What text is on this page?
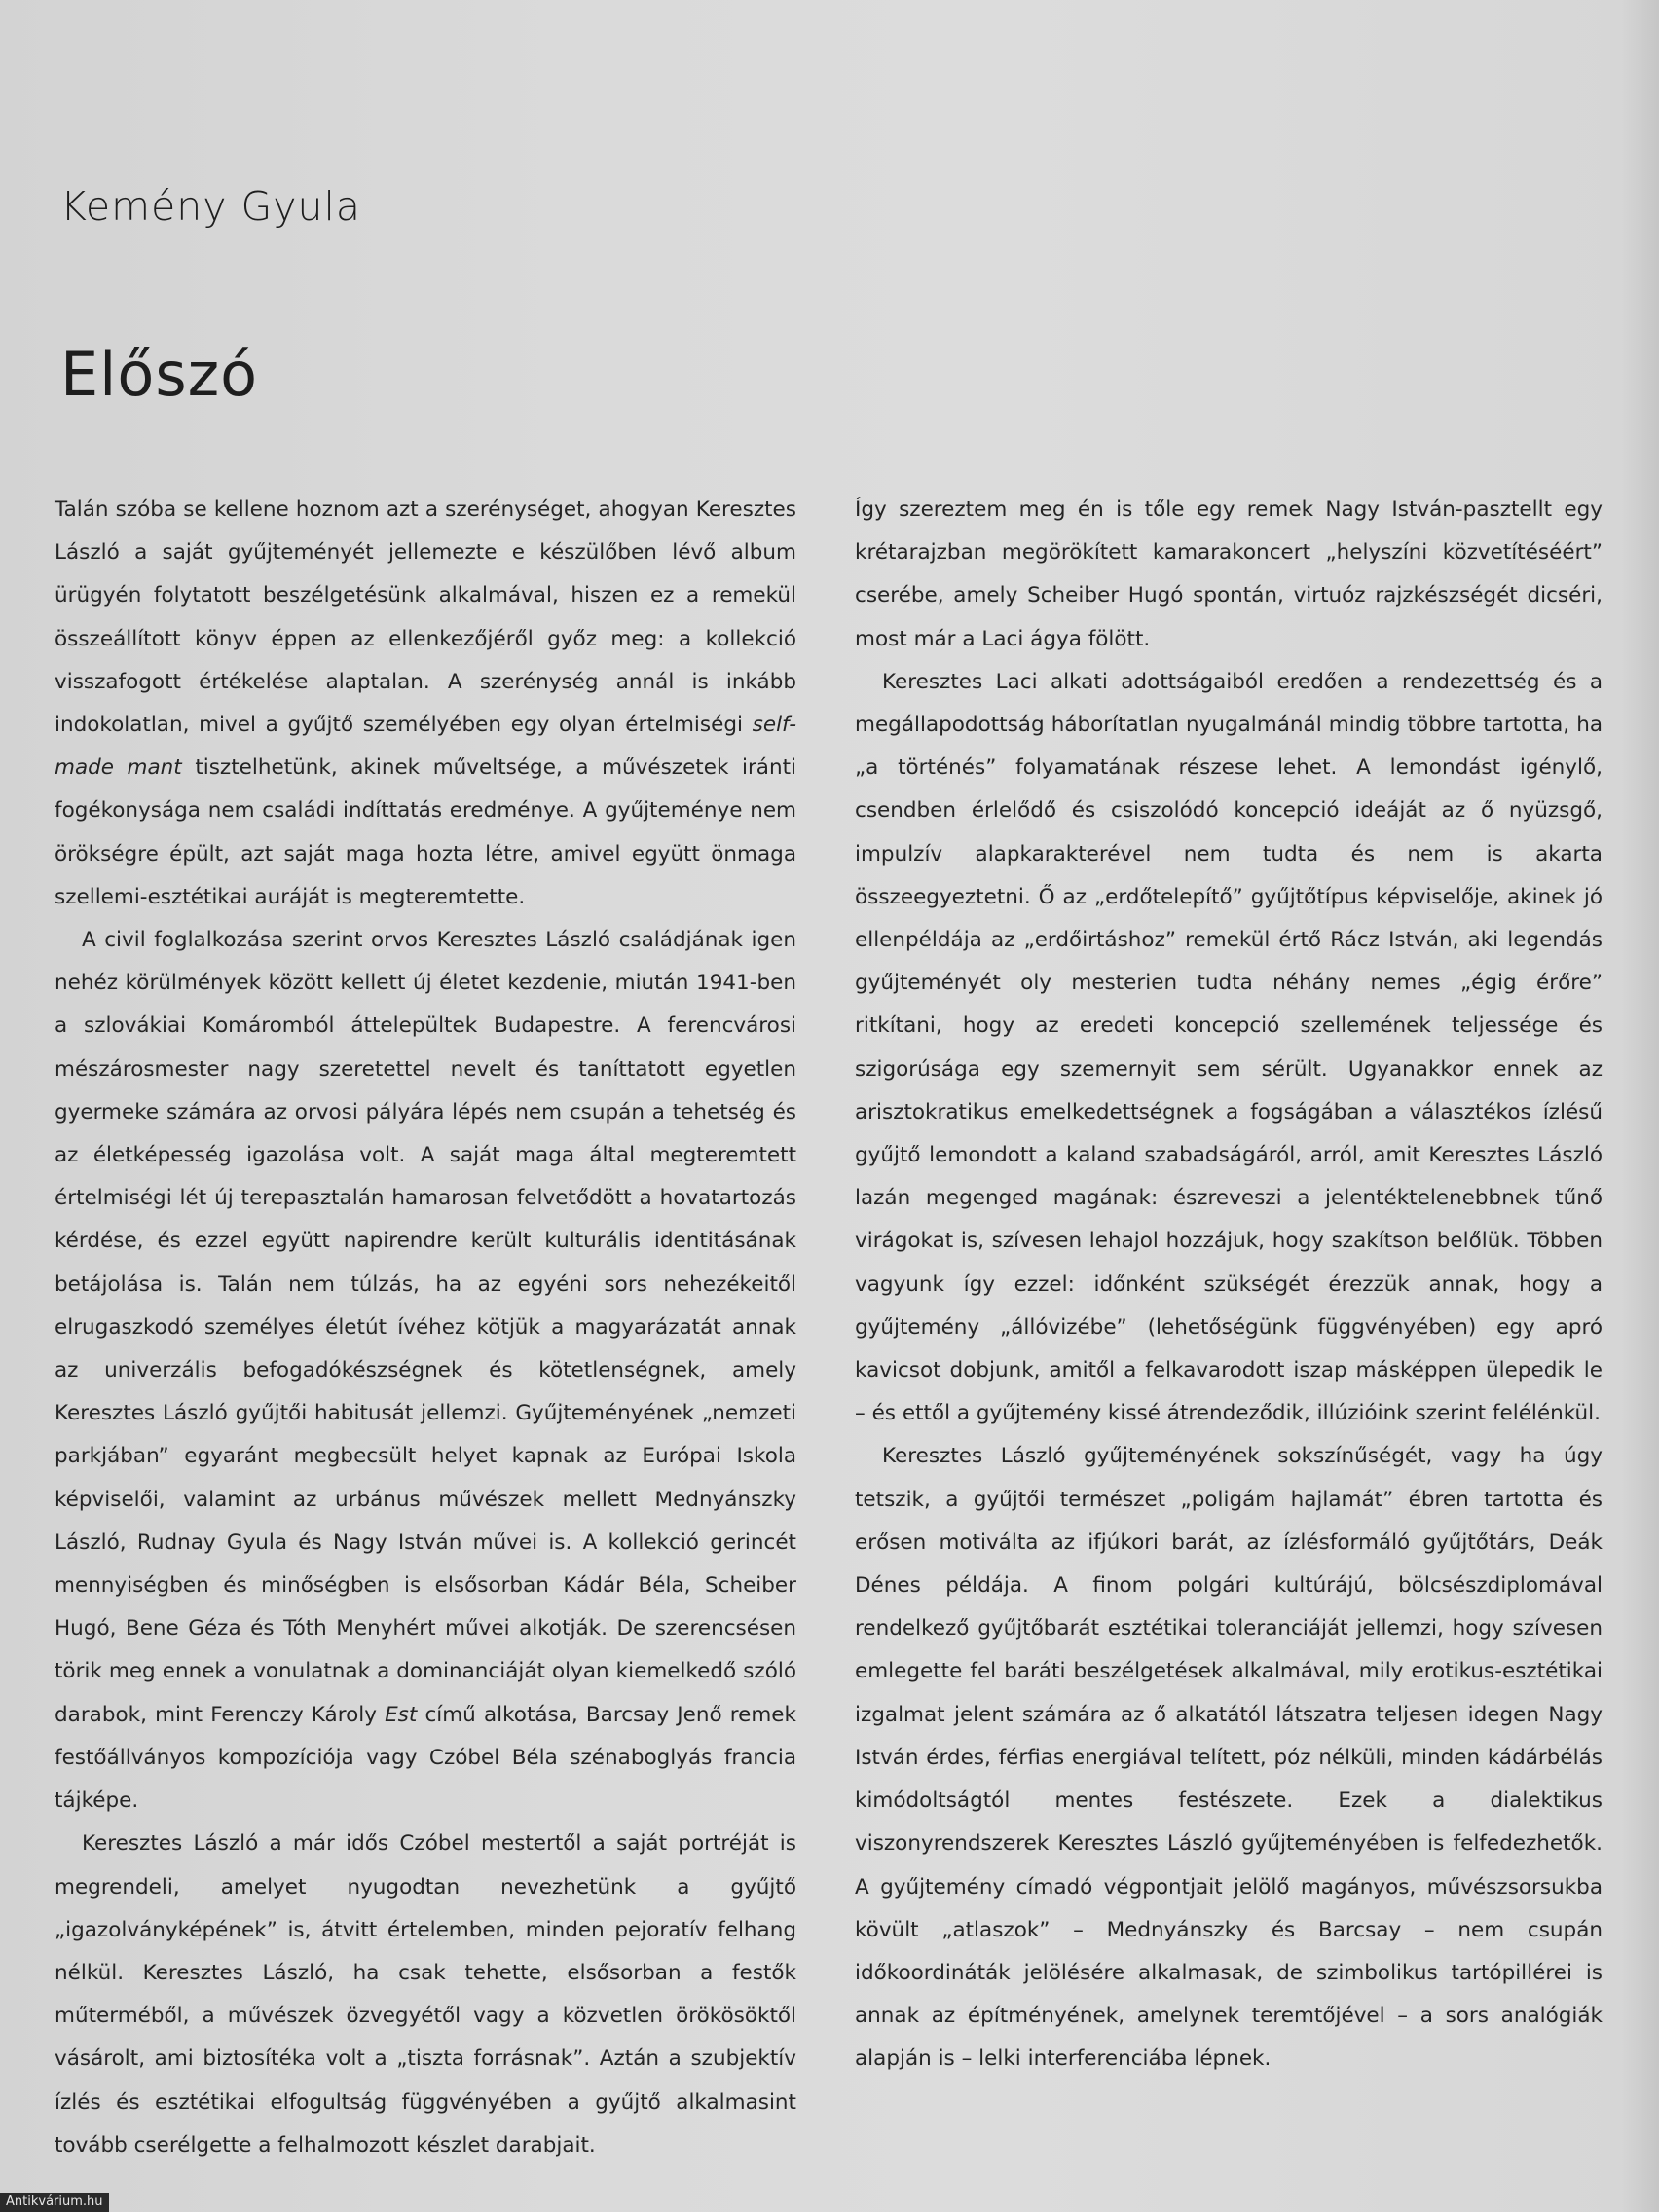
Kemény Gyula
Előszó

Talán szóba se kellene hoznom azt a szerénységet, ahogyan Keresztes László a saját gyűjteményét jellemezte e készülőben lévő album ürügyén folytatott beszélgetésünk alkalmával, hiszen ez a remekül összeállított könyv éppen az ellenkezőjéről győz meg: a kollekció visszafogott értékelése alaptalan. A szerénység annál is inkább indokolatlan, mivel a gyűjtő személyében egy olyan értelmiségi self-made mant tisztelhetünk, akinek műveltsége, a művészetek iránti fogékonysága nem családi indíttatás eredménye. A gyűjteménye nem örökségre épült, azt saját maga hozta létre, amivel együtt önmaga szellemi-esztétikai auráját is megteremtette.

A civil foglalkozása szerint orvos Keresztes László családjának igen nehéz körülmények között kellett új életet kezdenie, miután 1941-ben a szlovákiai Komáromból áttelepültek Budapestre. A ferencvárosi mészárosmester nagy szeretettel nevelt és taníttatott egyetlen gyermeke számára az orvosi pályára lépés nem csupán a tehetség és az életképesség igazolása volt. A saját maga által megteremtett értelmiségi lét új terepasztalán hamarosan felvetődött a hovatartozás kérdése, és ezzel együtt napirendre került kulturális identitásának betájolása is. Talán nem túlzás, ha az egyéni sors nehezékeitől elrugaszkodó személyes életút ívéhez kötjük a magyarázatát annak az univerzális befogadókészségnek és kötetlenségnek, amely Keresztes László gyűjtői habitusát jellemzi. Gyűjteményének „nemzeti parkjában” egyaránt megbecsült helyet kapnak az Európai Iskola képviselői, valamint az urbánus művészek mellett Mednyánszky László, Rudnay Gyula és Nagy István művei is. A kollekció gerincét mennyiségben és minőségben is elsősorban Kádár Béla, Scheiber Hugó, Bene Géza és Tóth Menyhért művei alkotják. De szerencsésen törik meg ennek a vonulatnak a dominanciáját olyan kiemelkedő szóló darabok, mint Ferenczy Károly Est című alkotása, Barcsay Jenő remek festőállványos kompozíciója vagy Czóbel Béla szénaboglyás francia tájképe.

Keresztes László a már idős Czóbel mestertől a saját portréját is megrendeli, amelyet nyugodtan nevezhetünk a gyűjtő „igazolványképének” is, átvitt értelemben, minden pejoratív felhang nélkül. Keresztes László, ha csak tehette, elsősorban a festők műterméből, a művészek özvegyétől vagy a közvetlen örökösöktől vásárolt, ami biztosítéka volt a „tiszta forrásnak”. Aztán a szubjektív ízlés és esztétikai elfogultság függvényében a gyűjtő alkalmasint tovább cserélgette a felhalmozott készlet darabjait.

Így szereztem meg én is tőle egy remek Nagy István-pasztellt egy krétarajzban megörökített kamarakoncert „helyszíni közvetítéséért” cserébe, amely Scheiber Hugó spontán, virtuóz rajzkészségét dicséri, most már a Laci ágya fölött.

Keresztes Laci alkati adottságaiból eredően a rendezettség és a megállapodottság háborítatlan nyugalmánál mindig többre tartotta, ha „a történés” folyamatának részese lehet. A lemondást igénylő, csendben érlelődő és csiszolódó koncepció ideáját az ő nyüzsgő, impulzív alapkarakterével nem tudta és nem is akarta összeegyeztetni. Ő az „erdőtelepítő” gyűjtőtípus képviselője, akinek jó ellenpéldája az „erdőirtáshoz” remekül értő Rácz István, aki legendás gyűjteményét oly mesterien tudta néhány nemes „égig érőre” ritkítani, hogy az eredeti koncepció szellemének teljessége és szigorúsága egy szemernyit sem sérült. Ugyanakkor ennek az arisztokratikus emelkedettségnek a fogságában a választékos ízlésű gyűjtő lemondott a kaland szabadságáról, arról, amit Keresztes László lazán megenged magának: észreveszi a jelentéktelenebbnek tűnő virágokat is, szívesen lehajol hozzájuk, hogy szakítson belőlük. Többen vagyunk így ezzel: időnként szükségét érezzük annak, hogy a gyűjtemény „állóvizébe” (lehetőségünk függvényében) egy apró kavicsot dobjunk, amitől a felkavarodott iszap másképpen ülepedik le – és ettől a gyűjtemény kissé átrendeződik, illúzióink szerint felélénkül.

Keresztes László gyűjteményének sokszínűségét, vagy ha úgy tetszik, a gyűjtői természet „poligám hajlamát” ébren tartotta és erősen motiválta az ifjúkori barát, az ízlésformáló gyűjtőtárs, Deák Dénes példája. A finom polgári kultúrájú, bölcsészdiplomával rendelkező gyűjtőbarát esztétikai toleranciáját jellemzi, hogy szívesen emlegette fel baráti beszélgetések alkalmával, mily erotikus-esztétikai izgalmat jelent számára az ő alkatától látszatra teljesen idegen Nagy István érdes, férfias energiával telített, póz nélküli, minden kádárbélás kimódoltságtól mentes festészete. Ezek a dialektikus viszonyrendszerek Keresztes László gyűjteményében is felfedezhetők. A gyűjtemény címadó végpontjait jelölő magányos, művészsorsukba kövült „atlaszok” – Mednyánszky és Barcsay – nem csupán időkoordináták jelölésére alkalmasak, de szimbolikus tartópillérei is annak az építményének, amelynek teremtőjével – a sors analógiák alapján is – lelki interferenciába lépnek.

Antikvárium.hu
